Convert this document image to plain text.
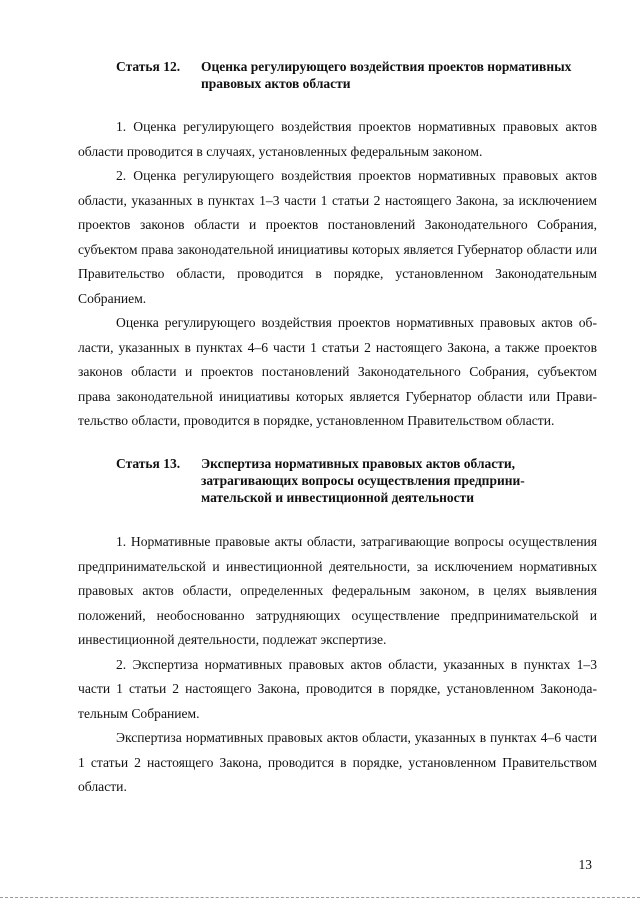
Статья 12.	Оценка регулирующего воздействия проектов нормативных
правовых актов области

1. Оценка регулирующего воздействия проектов нормативных правовых актов области проводится в случаях, установленных федеральным законом.

2. Оценка регулирующего воздействия проектов нормативных правовых актов области, указанных в пунктах 1–3 части 1 статьи 2 настоящего Закона, за исключением проектов законов области и проектов постановлений Законодательного Собрания, субъектом права законодательной инициативы которых является Губернатор области или Правительство области, проводится в порядке, установленном Законодательным Собранием.

Оценка регулирующего воздействия проектов нормативных правовых актов области, указанных в пунктах 4–6 части 1 статьи 2 настоящего Закона, а также проектов законов области и проектов постановлений Законодательного Собрания, субъектом права законодательной инициативы которых является Губернатор области или Правительство области, проводится в порядке, установленном Правительством области.

Статья 13.	Экспертиза нормативных правовых актов области,
затрагивающих вопросы осуществления предприни-
мательской и инвестиционной деятельности

1. Нормативные правовые акты области, затрагивающие вопросы осуществления предпринимательской и инвестиционной деятельности, за исключением нормативных правовых актов области, определенных федеральным законом, в целях выявления положений, необоснованно затрудняющих осуществление предпринимательской и инвестиционной деятельности, подлежат экспертизе.

2. Экспертиза нормативных правовых актов области, указанных в пунктах 1–3 части 1 статьи 2 настоящего Закона, проводится в порядке, установленном Законодательным Собранием.

Экспертиза нормативных правовых актов области, указанных в пунктах 4–6 части 1 статьи 2 настоящего Закона, проводится в порядке, установленном Правительством области.

13
